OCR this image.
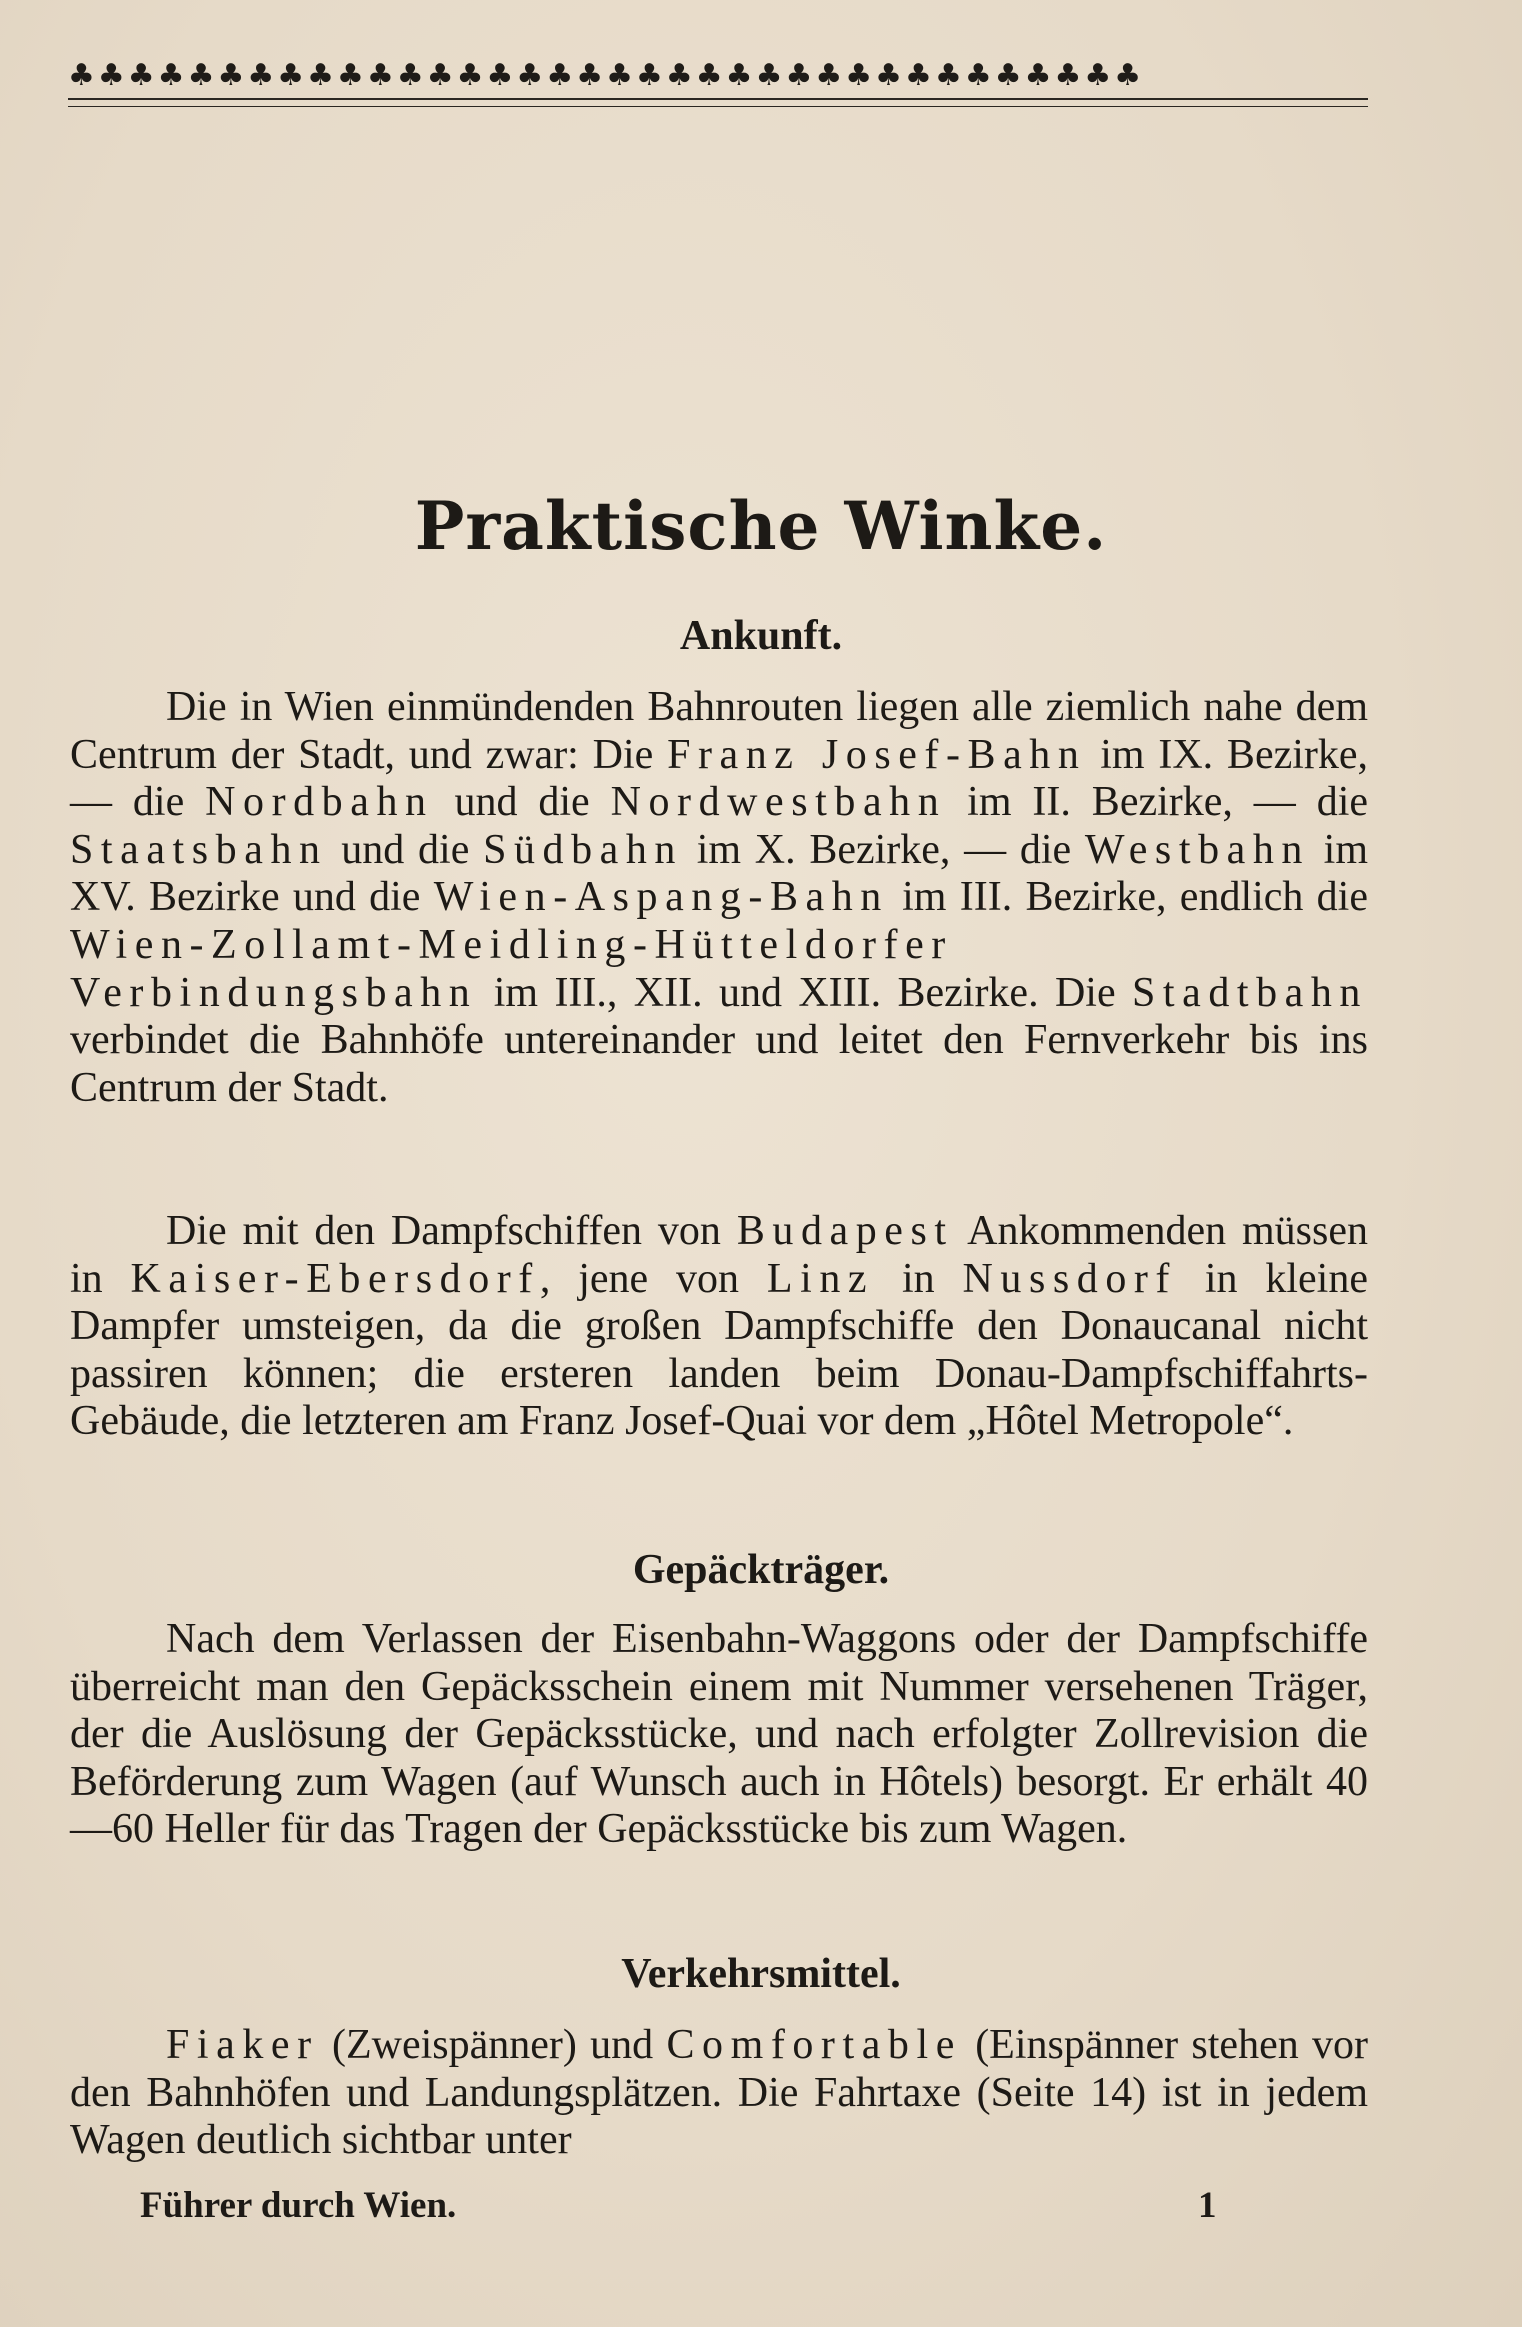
♣♣♣♣♣♣♣♣♣♣♣♣♣♣♣♣♣♣♣♣♣♣♣♣♣♣♣♣♣♣♣♣♣♣♣♣
Praktische Winke.
Ankunft.
Die in Wien einmündenden Bahnrouten liegen alle ziemlich nahe dem Centrum der Stadt, und zwar: Die Franz Josef-Bahn im IX. Bezirke, — die Nordbahn und die Nordwestbahn im II. Bezirke, — die Staatsbahn und die Südbahn im X. Bezirke, — die Westbahn im XV. Bezirke und die Wien-Aspang-Bahn im III. Bezirke, endlich die Wien-Zollamt-Meidling-Hütteldorfer Verbindungsbahn im III., XII. und XIII. Bezirke. Die Stadtbahn verbindet die Bahnhöfe untereinander und leitet den Fernverkehr bis ins Centrum der Stadt.
Die mit den Dampfschiffen von Budapest Ankommenden müssen in Kaiser-Ebersdorf, jene von Linz in Nussdorf in kleine Dampfer umsteigen, da die großen Dampfschiffe den Donaucanal nicht passiren können; die ersteren landen beim Donau-Dampfschiffahrts-Gebäude, die letzteren am Franz Josef-Quai vor dem „Hôtel Metropole“.
Gepäckträger.
Nach dem Verlassen der Eisenbahn-Waggons oder der Dampfschiffe überreicht man den Gepäcksschein einem mit Nummer versehenen Träger, der die Auslösung der Gepäcksstücke, und nach erfolgter Zollrevision die Beförderung zum Wagen (auf Wunsch auch in Hôtels) besorgt. Er erhält 40—60 Heller für das Tragen der Gepäcksstücke bis zum Wagen.
Verkehrsmittel.
Fiaker (Zweispänner) und Comfortable (Einspänner stehen vor den Bahnhöfen und Landungsplätzen. Die Fahrtaxe (Seite 14) ist in jedem Wagen deutlich sichtbar unter
Führer durch Wien.	1
